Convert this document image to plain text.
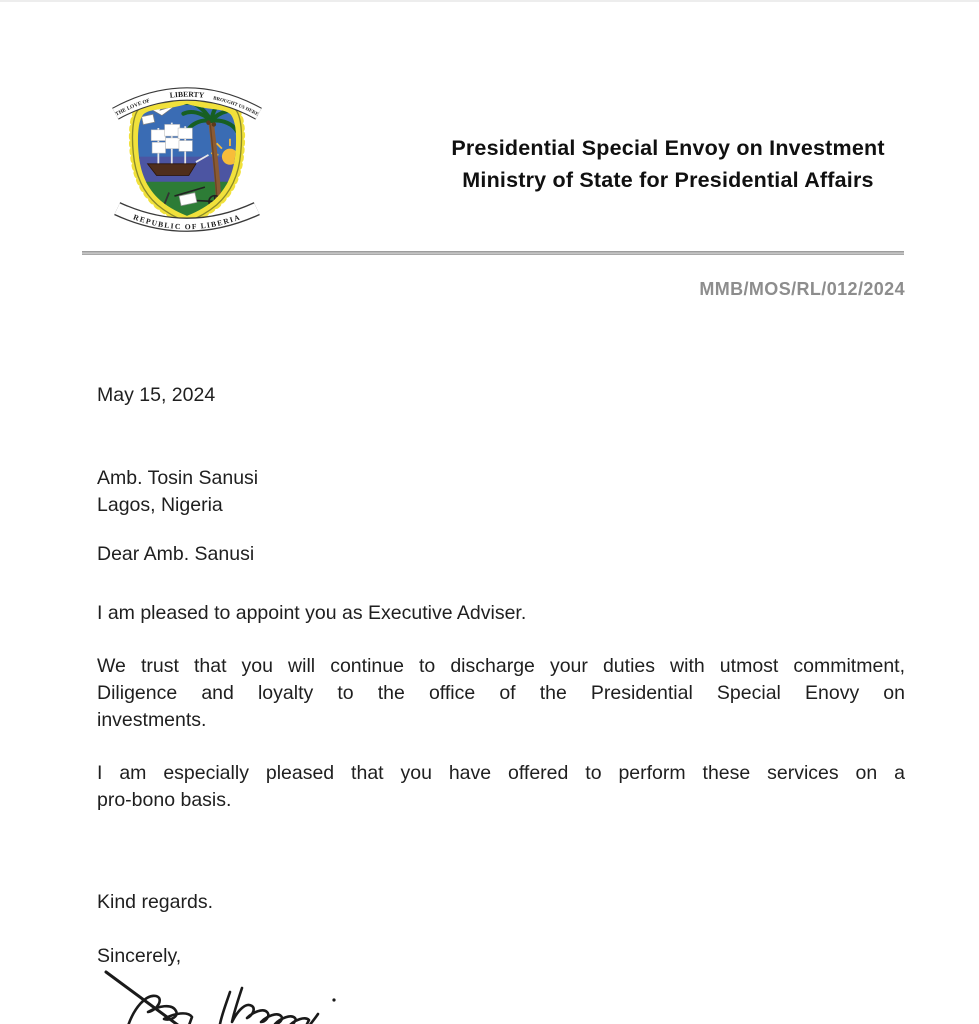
THE LOVE OF
LIBERTY BROUGHT US HERE
REPUBLIC OF LIBERIA
Presidential Special Envoy on Investment
Ministry of State for Presidential Affairs
MMB/MOS/RL/012/2024
May 15, 2024
Amb. Tosin Sanusi
Lagos, Nigeria
Dear Amb. Sanusi
I am pleased to appoint you as Executive Adviser.
We trust that you will continue to discharge your duties with utmost commitment,
Diligence and loyalty to the office of the Presidential Special Enovy on
investments.
I am especially pleased that you have offered to perform these services on a
pro-bono basis.
Kind regards.
Sincerely,
